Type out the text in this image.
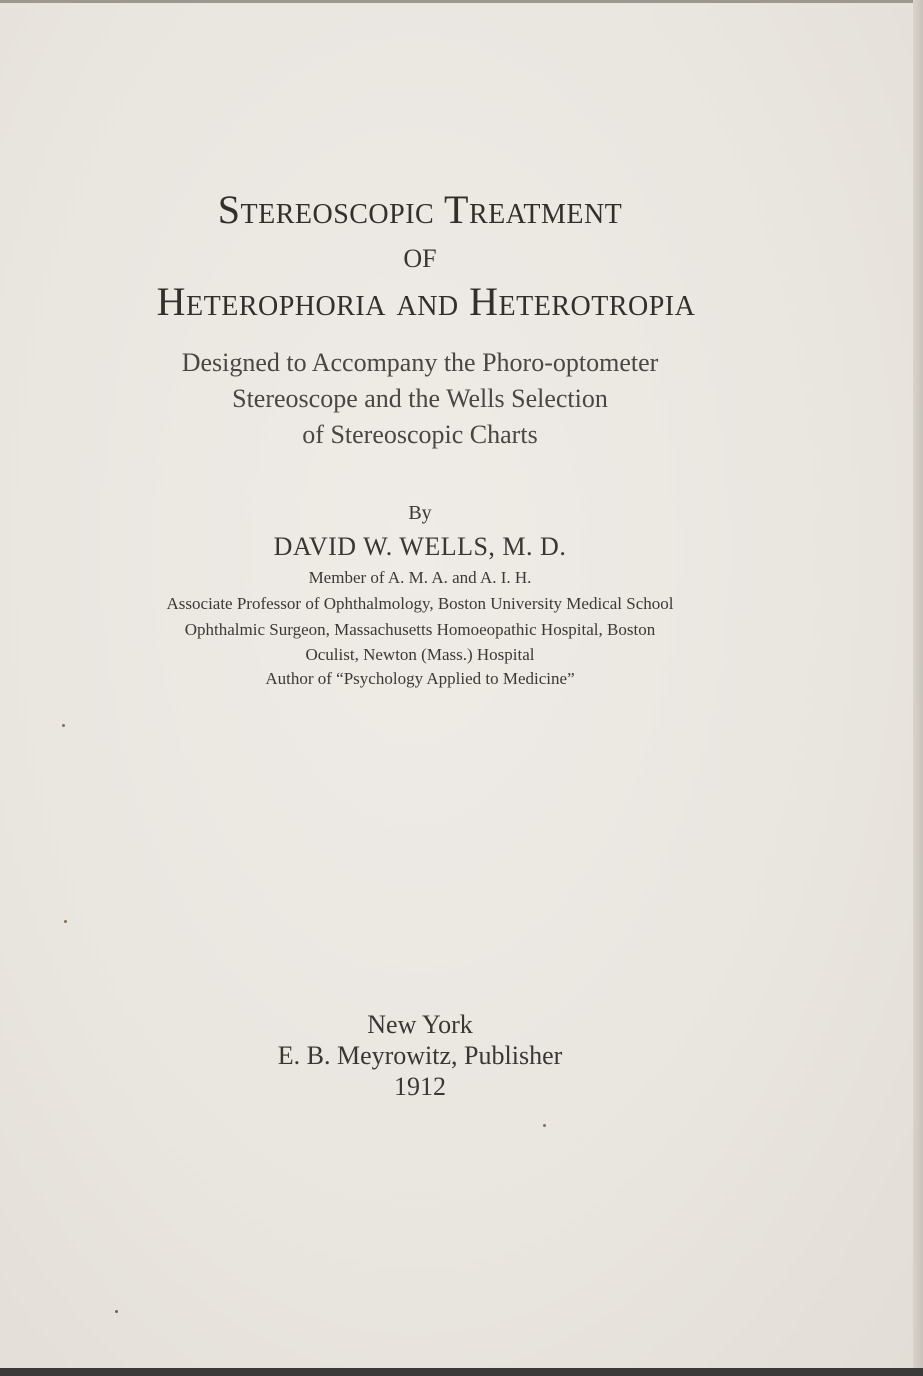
Stereoscopic Treatment
OF
Heterophoria and Heterotropia
Designed to Accompany the Phoro-optometer
Stereoscope and the Wells Selection
of Stereoscopic Charts
By
DAVID W. WELLS, M. D.
Member of A. M. A. and A. I. H.
Associate Professor of Ophthalmology, Boston University Medical School
Ophthalmic Surgeon, Massachusetts Homoeopathic Hospital, Boston
Oculist, Newton (Mass.) Hospital
Author of “Psychology Applied to Medicine”
New York
E. B. Meyrowitz, Publisher
1912
